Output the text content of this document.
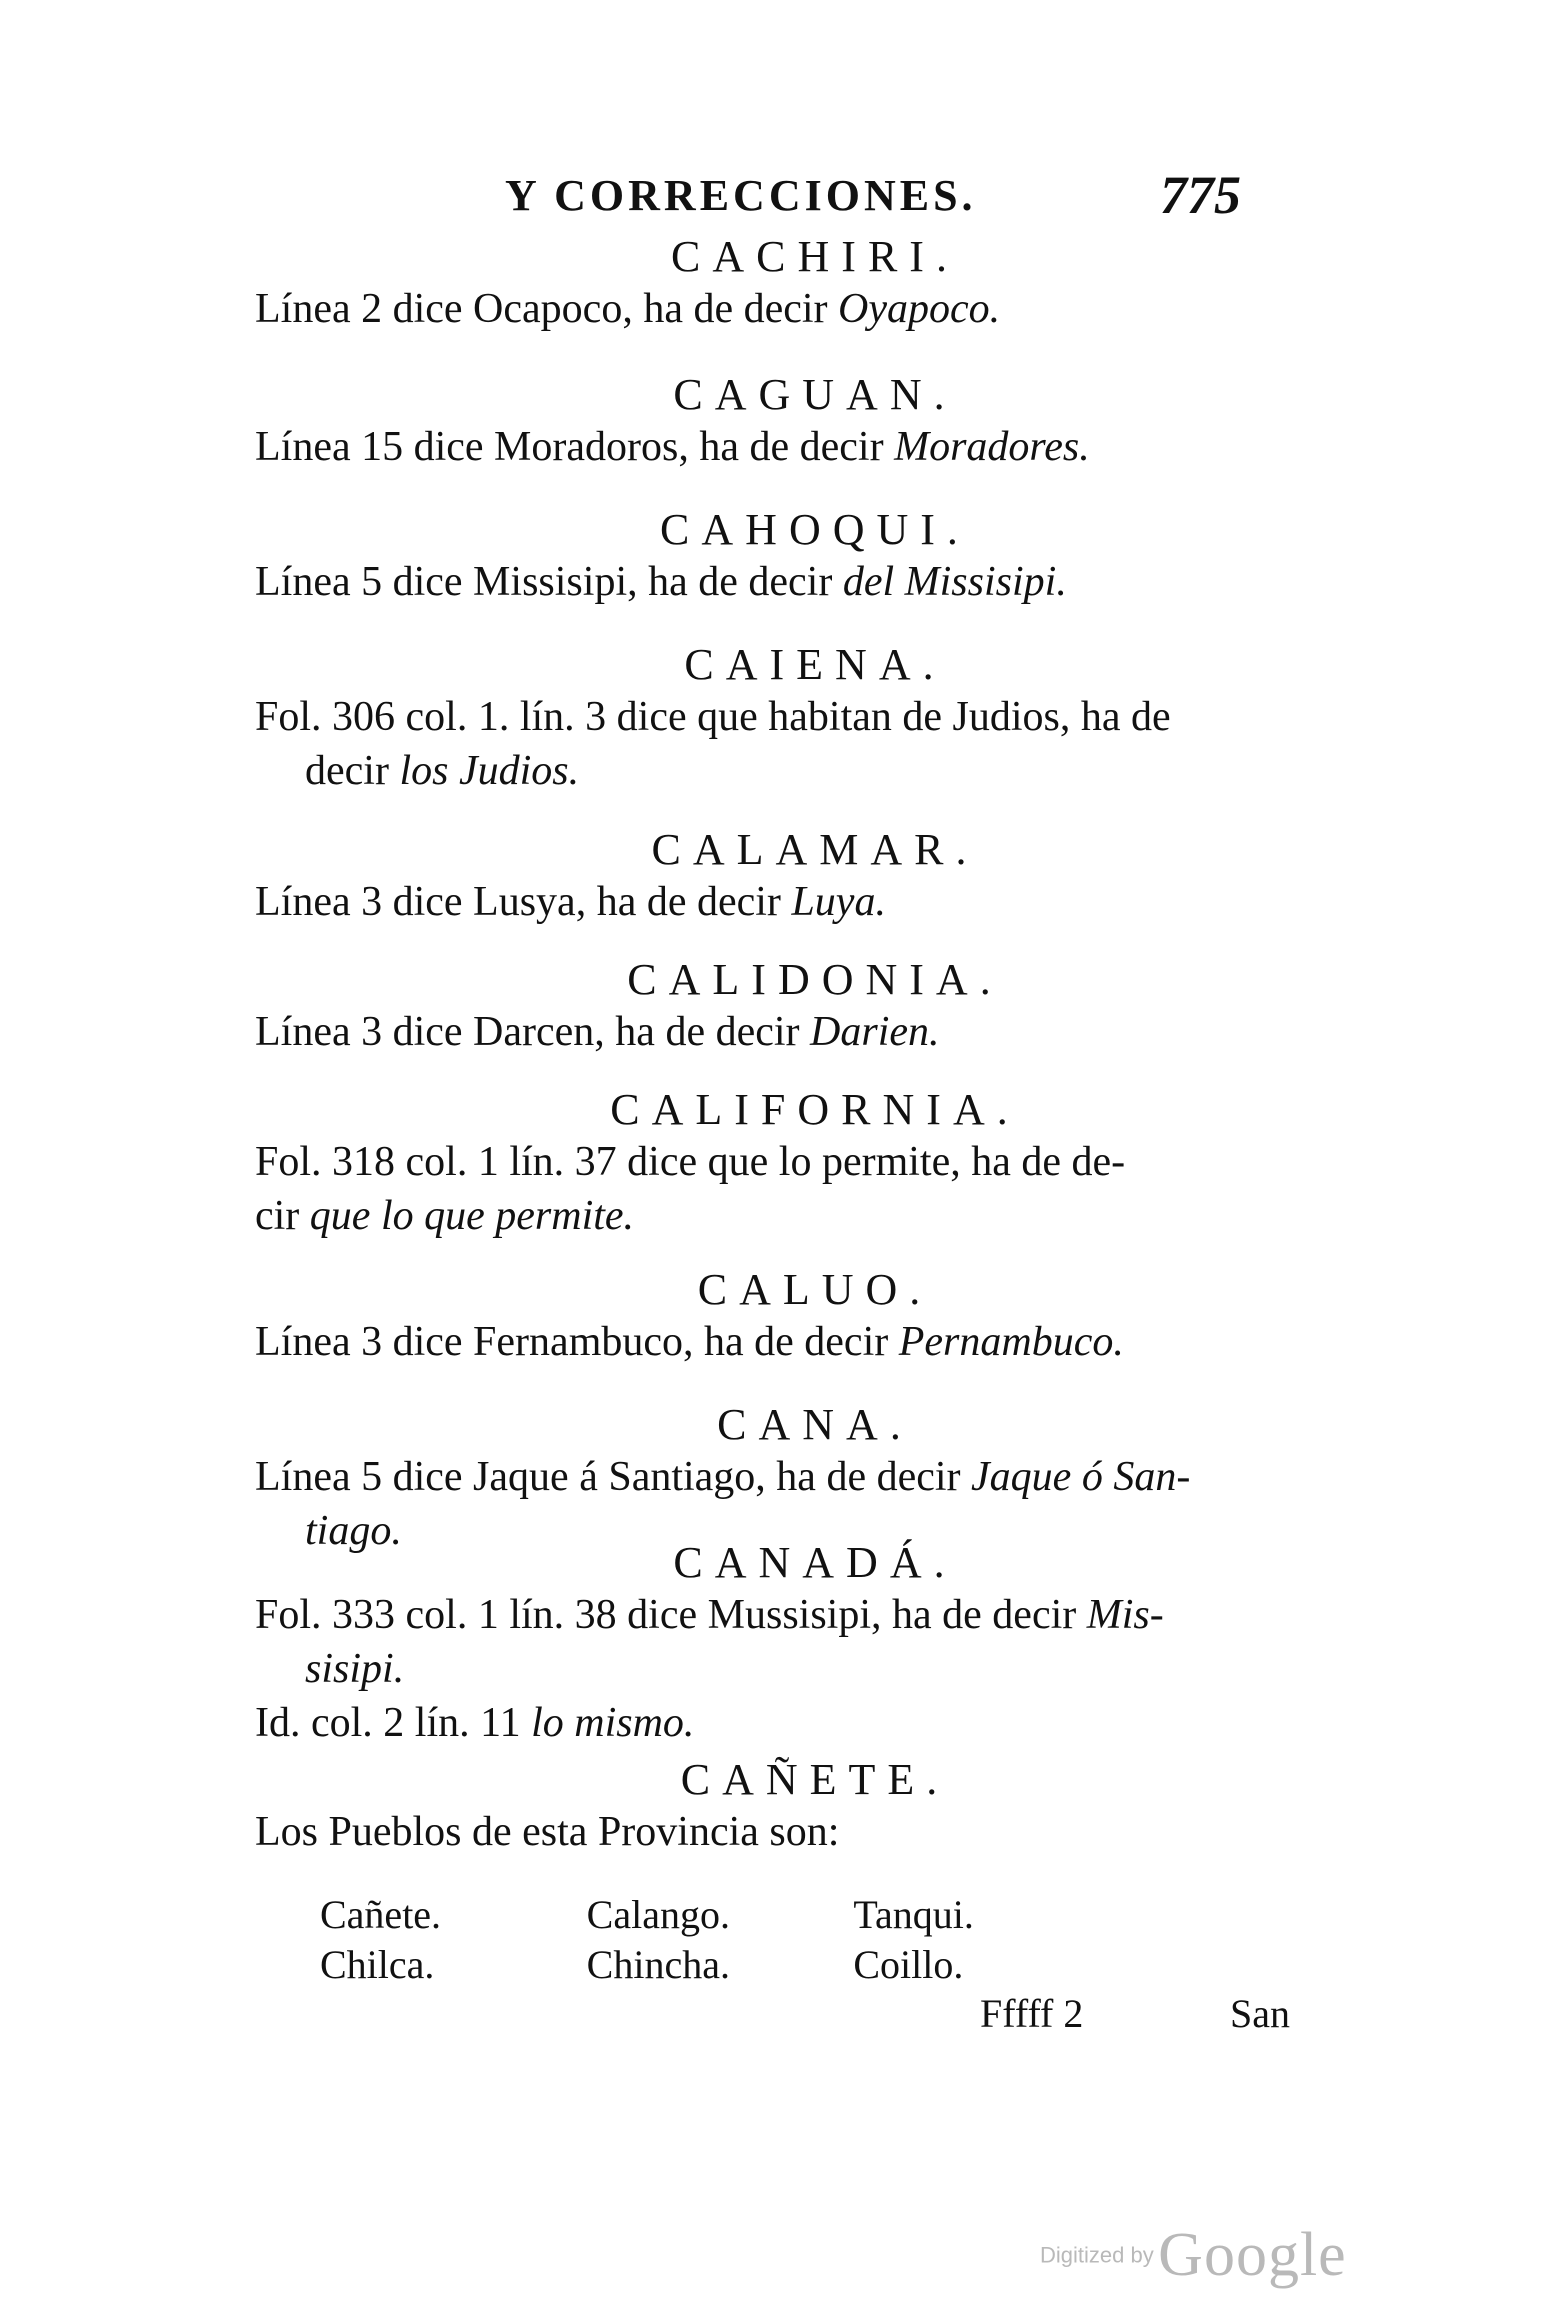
Y CORRECCIONES.	775
CACHIRI.
Línea 2 dice Ocapoco, ha de decir Oyapoco.
CAGUAN.
Línea 15 dice Moradoros, ha de decir Moradores.
CAHOQUI.
Línea 5 dice Missisipi, ha de decir del Missisipi.
CAIENA.
Fol. 306 col. 1. lín. 3 dice que habitan de Judios, ha de
decir los Judios.
CALAMAR.
Línea 3 dice Lusya, ha de decir Luya.
CALIDONIA.
Línea 3 dice Darcen, ha de decir Darien.
CALIFORNIA.
Fol. 318 col. 1 lín. 37 dice que lo permite, ha de de-
cir que lo que permite.
CALUO.
Línea 3 dice Fernambuco, ha de decir Pernambuco.
CANA.
Línea 5 dice Jaque á Santiago, ha de decir Jaque ó San-
tiago.
CANADÁ.
Fol. 333 col. 1 lín. 38 dice Mussisipi, ha de decir Mis-
sisipi.
Id. col. 2 lín. 11 lo mismo.
CAÑETE.
Los Pueblos de esta Provincia son:
Cañete.	Calango.	Tanqui.
Chilca.	Chincha.	Coillo.
Fffff 2	San
Digitized by Google
